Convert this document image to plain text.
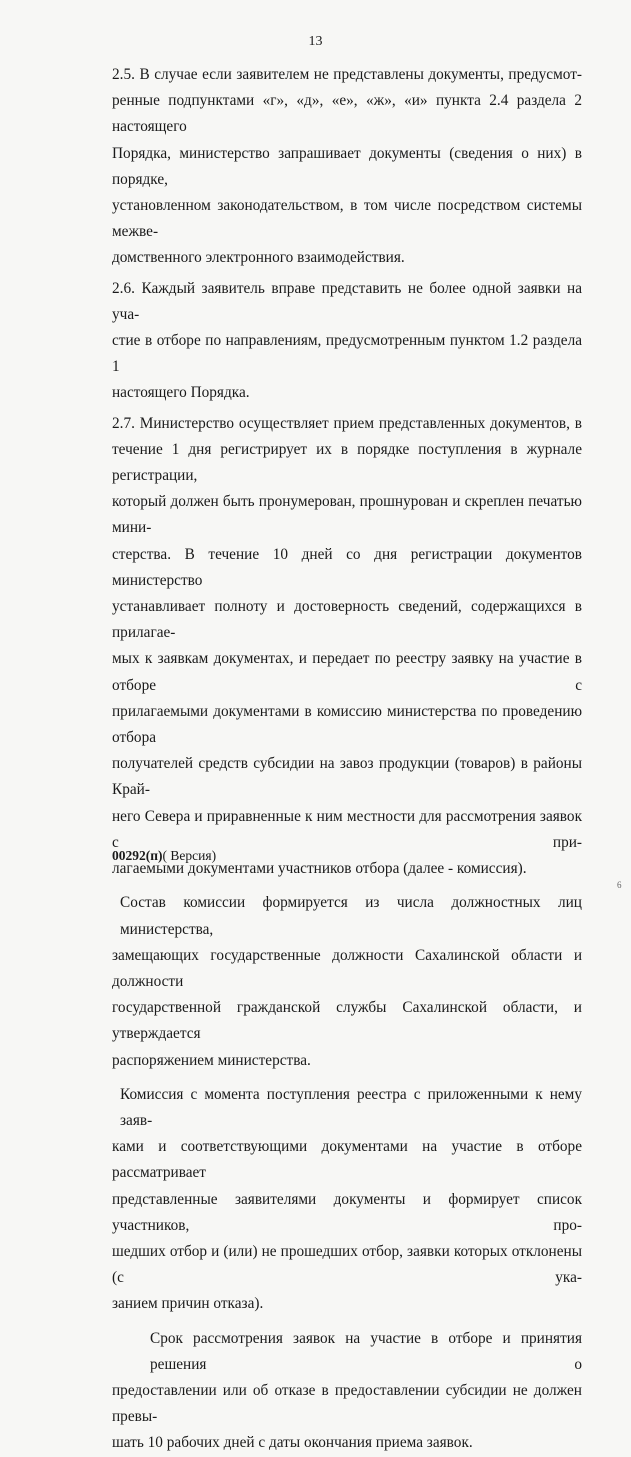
13

2.5. В случае если заявителем не представлены документы, предусмот-
ренные подпунктами «г», «д», «е», «ж», «и» пункта 2.4 раздела 2 настоящего
Порядка, министерство запрашивает документы (сведения о них) в порядке,
установленном законодательством, в том числе посредством системы межве-
домственного электронного взаимодействия.

2.6. Каждый заявитель вправе представить не более одной заявки на уча-
стие в отборе по направлениям, предусмотренным пунктом 1.2 раздела 1
настоящего Порядка.

2.7. Министерство осуществляет прием представленных документов, в
течение 1 дня регистрирует их в порядке поступления в журнале регистрации,
который должен быть пронумерован, прошнурован и скреплен печатью мини-
стерства. В течение 10 дней со дня регистрации документов министерство
устанавливает полноту и достоверность сведений, содержащихся в прилагае-
мых к заявкам документах, и передает по реестру заявку на участие в отборе с
прилагаемыми документами в комиссию министерства по проведению отбора
получателей средств субсидии на завоз продукции (товаров) в районы Край-
него Севера и приравненные к ним местности для рассмотрения заявок с при-
лагаемыми документами участников отбора (далее - комиссия).

Состав комиссии формируется из числа должностных лиц министерства,
замещающих государственные должности Сахалинской области и должности
государственной гражданской службы Сахалинской области, и утверждается
распоряжением министерства.

Комиссия с момента поступления реестра с приложенными к нему заяв-
ками и соответствующими документами на участие в отборе рассматривает
представленные заявителями документы и формирует список участников, про-
шедших отбор и (или) не прошедших отбор, заявки которых отклонены (с ука-
занием причин отказа).

Срок рассмотрения заявок на участие в отборе и принятия решения о
предоставлении или об отказе в предоставлении субсидии не должен превы-
шать 10 рабочих дней с даты окончания приема заявок.

00292(п)( Версия)
6
